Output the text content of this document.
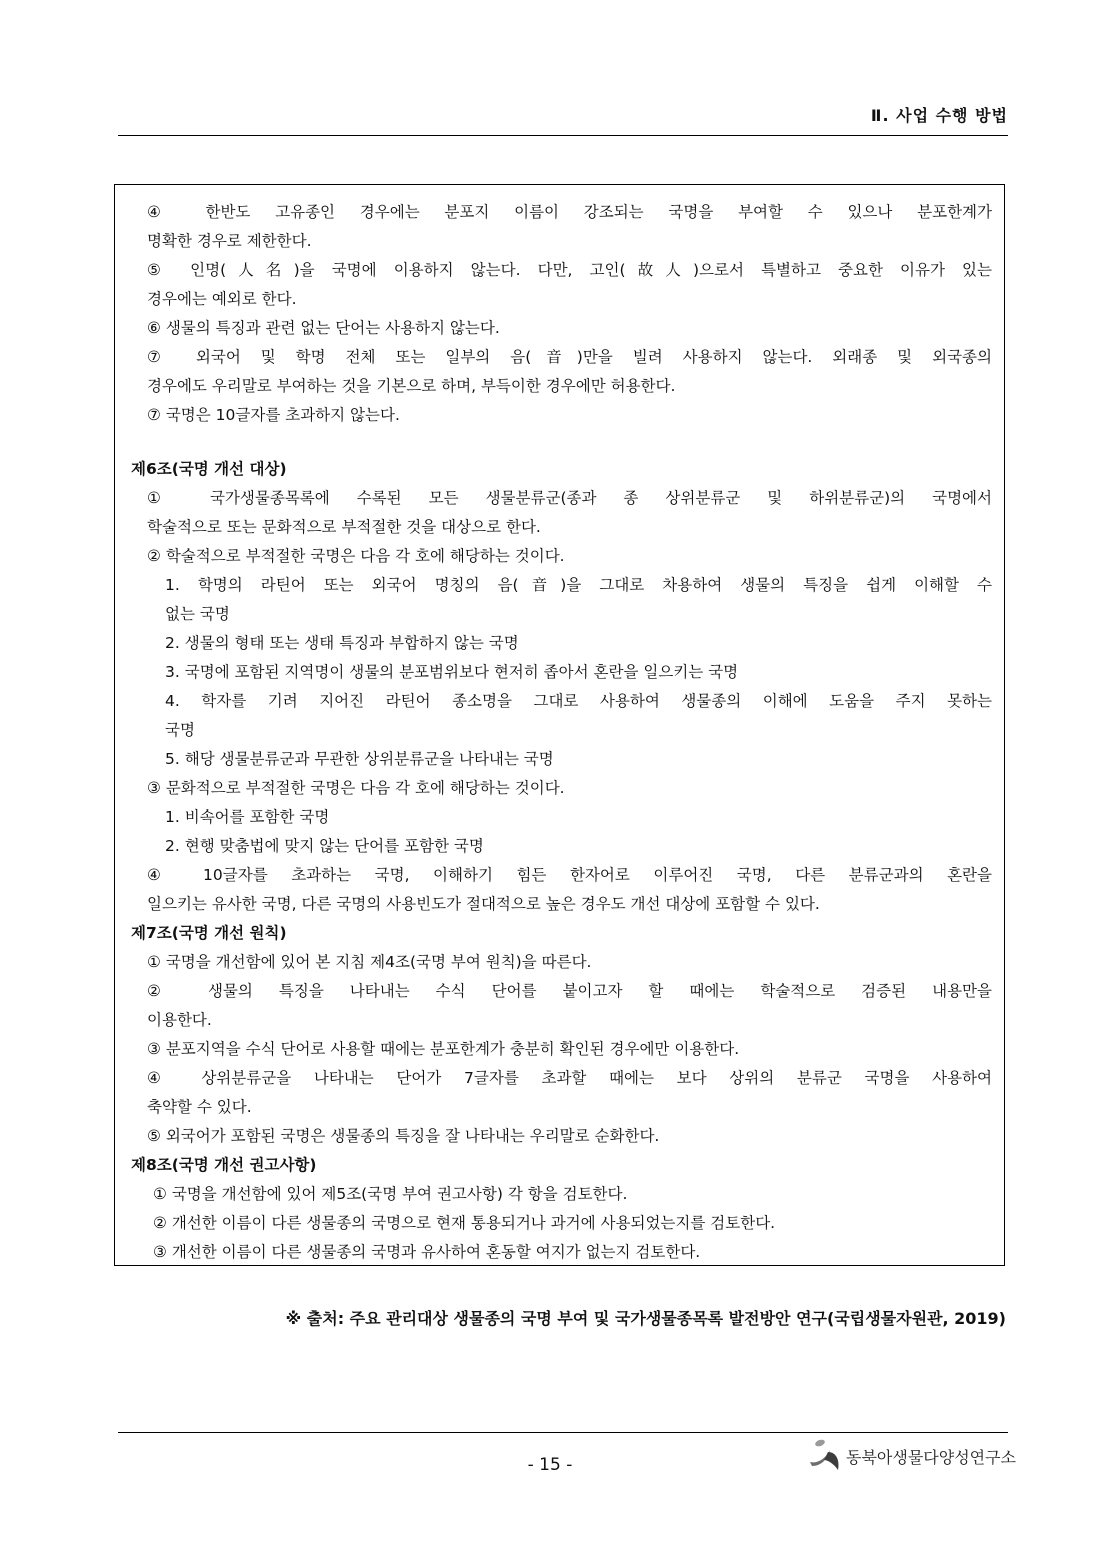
Ⅱ. 사업 수행 방법
④ 한반도 고유종인 경우에는 분포지 이름이 강조되는 국명을 부여할 수 있으나 분포한계가
명확한 경우로 제한한다.
⑤ 인명(人名)을 국명에 이용하지 않는다. 다만, 고인(故人)으로서 특별하고 중요한 이유가 있는
경우에는 예외로 한다.
⑥ 생물의 특징과 관련 없는 단어는 사용하지 않는다.
⑦ 외국어 및 학명 전체 또는 일부의 음(音)만을 빌려 사용하지 않는다. 외래종 및 외국종의
경우에도 우리말로 부여하는 것을 기본으로 하며, 부득이한 경우에만 허용한다.
⑦ 국명은 10글자를 초과하지 않는다.
제6조(국명 개선 대상)
① 국가생물종목록에 수록된 모든 생물분류군(종과 종 상위분류군 및 하위분류군)의 국명에서
학술적으로 또는 문화적으로 부적절한 것을 대상으로 한다.
② 학술적으로 부적절한 국명은 다음 각 호에 해당하는 것이다.
1. 학명의 라틴어 또는 외국어 명칭의 음(音)을 그대로 차용하여 생물의 특징을 쉽게 이해할 수
없는 국명
2. 생물의 형태 또는 생태 특징과 부합하지 않는 국명
3. 국명에 포함된 지역명이 생물의 분포범위보다 현저히 좁아서 혼란을 일으키는 국명
4. 학자를 기려 지어진 라틴어 종소명을 그대로 사용하여 생물종의 이해에 도움을 주지 못하는
국명
5. 해당 생물분류군과 무관한 상위분류군을 나타내는 국명
③ 문화적으로 부적절한 국명은 다음 각 호에 해당하는 것이다.
1. 비속어를 포함한 국명
2. 현행 맞춤법에 맞지 않는 단어를 포함한 국명
④ 10글자를 초과하는 국명, 이해하기 힘든 한자어로 이루어진 국명, 다른 분류군과의 혼란을
일으키는 유사한 국명, 다른 국명의 사용빈도가 절대적으로 높은 경우도 개선 대상에 포함할 수 있다.
제7조(국명 개선 원칙)
① 국명을 개선함에 있어 본 지침 제4조(국명 부여 원칙)을 따른다.
② 생물의 특징을 나타내는 수식 단어를 붙이고자 할 때에는 학술적으로 검증된 내용만을
이용한다.
③ 분포지역을 수식 단어로 사용할 때에는 분포한계가 충분히 확인된 경우에만 이용한다.
④ 상위분류군을 나타내는 단어가 7글자를 초과할 때에는 보다 상위의 분류군 국명을 사용하여
축약할 수 있다.
⑤ 외국어가 포함된 국명은 생물종의 특징을 잘 나타내는 우리말로 순화한다.
제8조(국명 개선 권고사항)
① 국명을 개선함에 있어 제5조(국명 부여 권고사항) 각 항을 검토한다.
② 개선한 이름이 다른 생물종의 국명으로 현재 통용되거나 과거에 사용되었는지를 검토한다.
③ 개선한 이름이 다른 생물종의 국명과 유사하여 혼동할 여지가 없는지 검토한다.
※ 출처: 주요 관리대상 생물종의 국명 부여 및 국가생물종목록 발전방안 연구(국립생물자원관, 2019)
- 15 -	동북아생물다양성연구소
